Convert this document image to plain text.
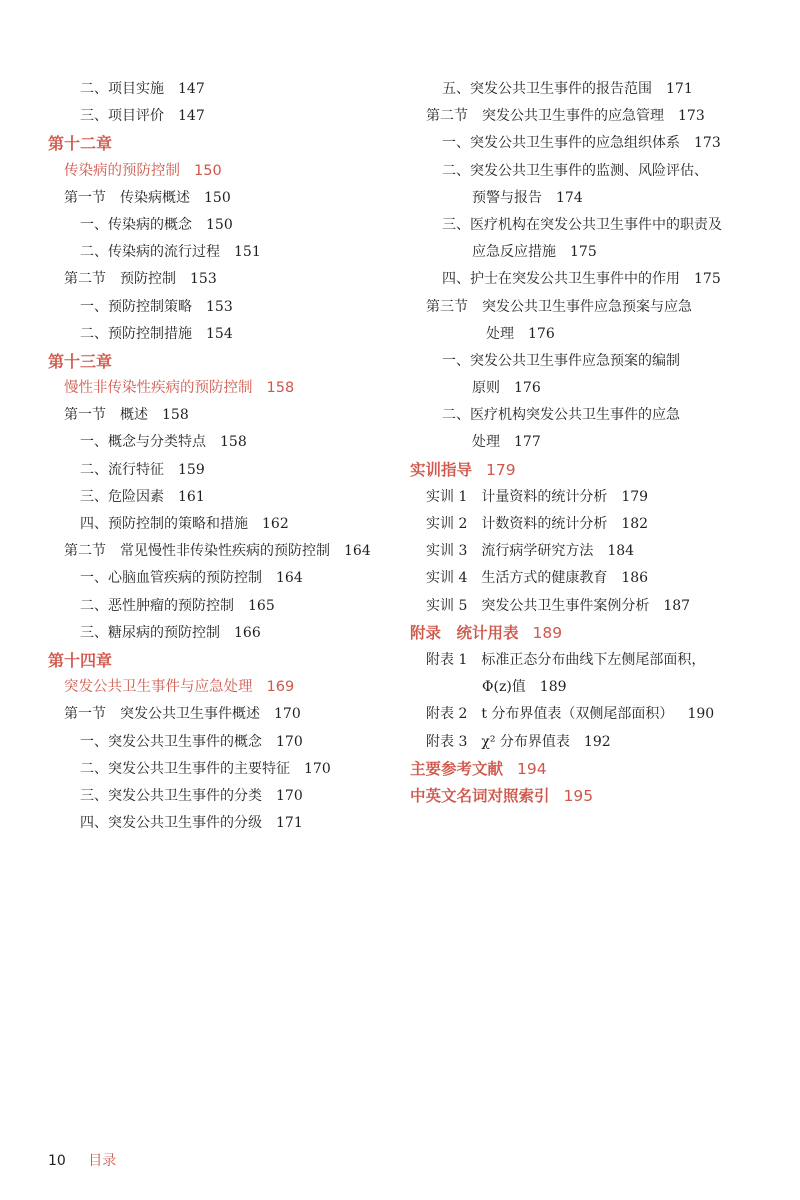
二、项目实施 147
三、项目评价 147
第十二章
传染病的预防控制 150
第一节　传染病概述 150
一、传染病的概念 150
二、传染病的流行过程 151
第二节　预防控制 153
一、预防控制策略 153
二、预防控制措施 154
第十三章
慢性非传染性疾病的预防控制 158
第一节　概述 158
一、概念与分类特点 158
二、流行特征 159
三、危险因素 161
四、预防控制的策略和措施 162
第二节　常见慢性非传染性疾病的预防控制 164
一、心脑血管疾病的预防控制 164
二、恶性肿瘤的预防控制 165
三、糖尿病的预防控制 166
第十四章
突发公共卫生事件与应急处理 169
第一节　突发公共卫生事件概述 170
一、突发公共卫生事件的概念 170
二、突发公共卫生事件的主要特征 170
三、突发公共卫生事件的分类 170
四、突发公共卫生事件的分级 171
五、突发公共卫生事件的报告范围 171
第二节　突发公共卫生事件的应急管理 173
一、突发公共卫生事件的应急组织体系 173
二、突发公共卫生事件的监测、风险评估、
预警与报告 174
三、医疗机构在突发公共卫生事件中的职责及
应急反应措施 175
四、护士在突发公共卫生事件中的作用 175
第三节　突发公共卫生事件应急预案与应急
处理 176
一、突发公共卫生事件应急预案的编制
原则 176
二、医疗机构突发公共卫生事件的应急
处理 177
实训指导 179
实训 1　计量资料的统计分析 179
实训 2　计数资料的统计分析 182
实训 3　流行病学研究方法 184
实训 4　生活方式的健康教育 186
实训 5　突发公共卫生事件案例分析 187
附录　统计用表 189
附表 1　标准正态分布曲线下左侧尾部面积，
Φ(z)值 189
附表 2　t 分布界值表（双侧尾部面积） 190
附表 3　χ² 分布界值表 192
主要参考文献 194
中英文名词对照索引 195
10 目录
